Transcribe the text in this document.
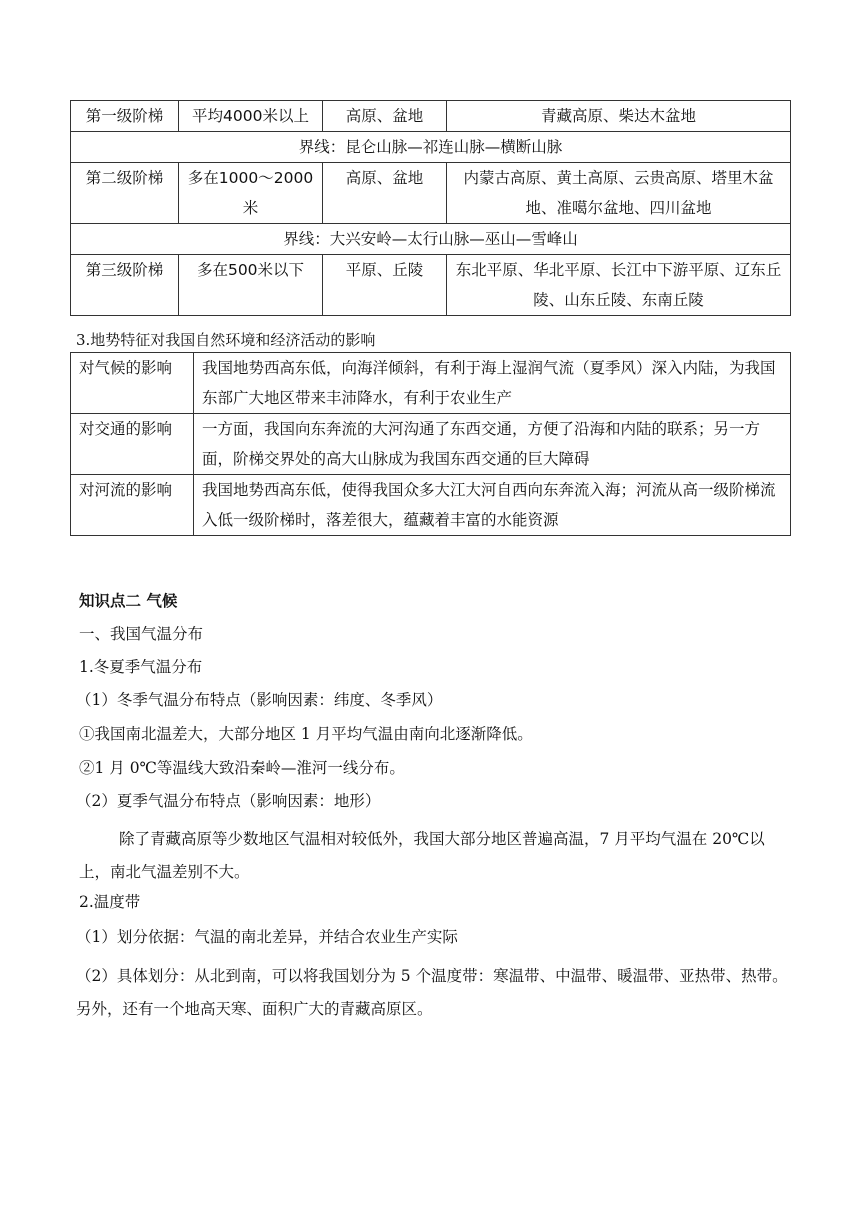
第一级阶梯	平均4000米以上	高原、盆地	青藏高原、柴达木盆地
界线：昆仑山脉—祁连山脉—横断山脉			
第二级阶梯	多在1000～2000米	高原、盆地	内蒙古高原、黄土高原、云贵高原、塔里木盆地、准噶尔盆地、四川盆地
界线：大兴安岭—太行山脉—巫山—雪峰山			
第三级阶梯	多在500米以下	平原、丘陵	东北平原、华北平原、长江中下游平原、辽东丘陵、山东丘陵、东南丘陵
3.地势特征对我国自然环境和经济活动的影响
对气候的影响	我国地势西高东低，向海洋倾斜，有利于海上湿润气流（夏季风）深入内陆，为我国东部广大地区带来丰沛降水，有利于农业生产
对交通的影响	一方面，我国向东奔流的大河沟通了东西交通，方便了沿海和内陆的联系；另一方面，阶梯交界处的高大山脉成为我国东西交通的巨大障碍
对河流的影响	我国地势西高东低，使得我国众多大江大河自西向东奔流入海；河流从高一级阶梯流入低一级阶梯时，落差很大，蕴藏着丰富的水能资源
知识点二 气候
一、我国气温分布
1.冬夏季气温分布
（1）冬季气温分布特点（影响因素：纬度、冬季风）
①我国南北温差大，大部分地区 1 月平均气温由南向北逐渐降低。
②1 月 0℃等温线大致沿秦岭—淮河一线分布。
（2）夏季气温分布特点（影响因素：地形）
除了青藏高原等少数地区气温相对较低外，我国大部分地区普遍高温，7 月平均气温在 20℃以上，南北气温差别不大。
2.温度带
（1）划分依据：气温的南北差异，并结合农业生产实际
（2）具体划分：从北到南，可以将我国划分为 5 个温度带：寒温带、中温带、暖温带、亚热带、热带。另外，还有一个地高天寒、面积广大的青藏高原区。
